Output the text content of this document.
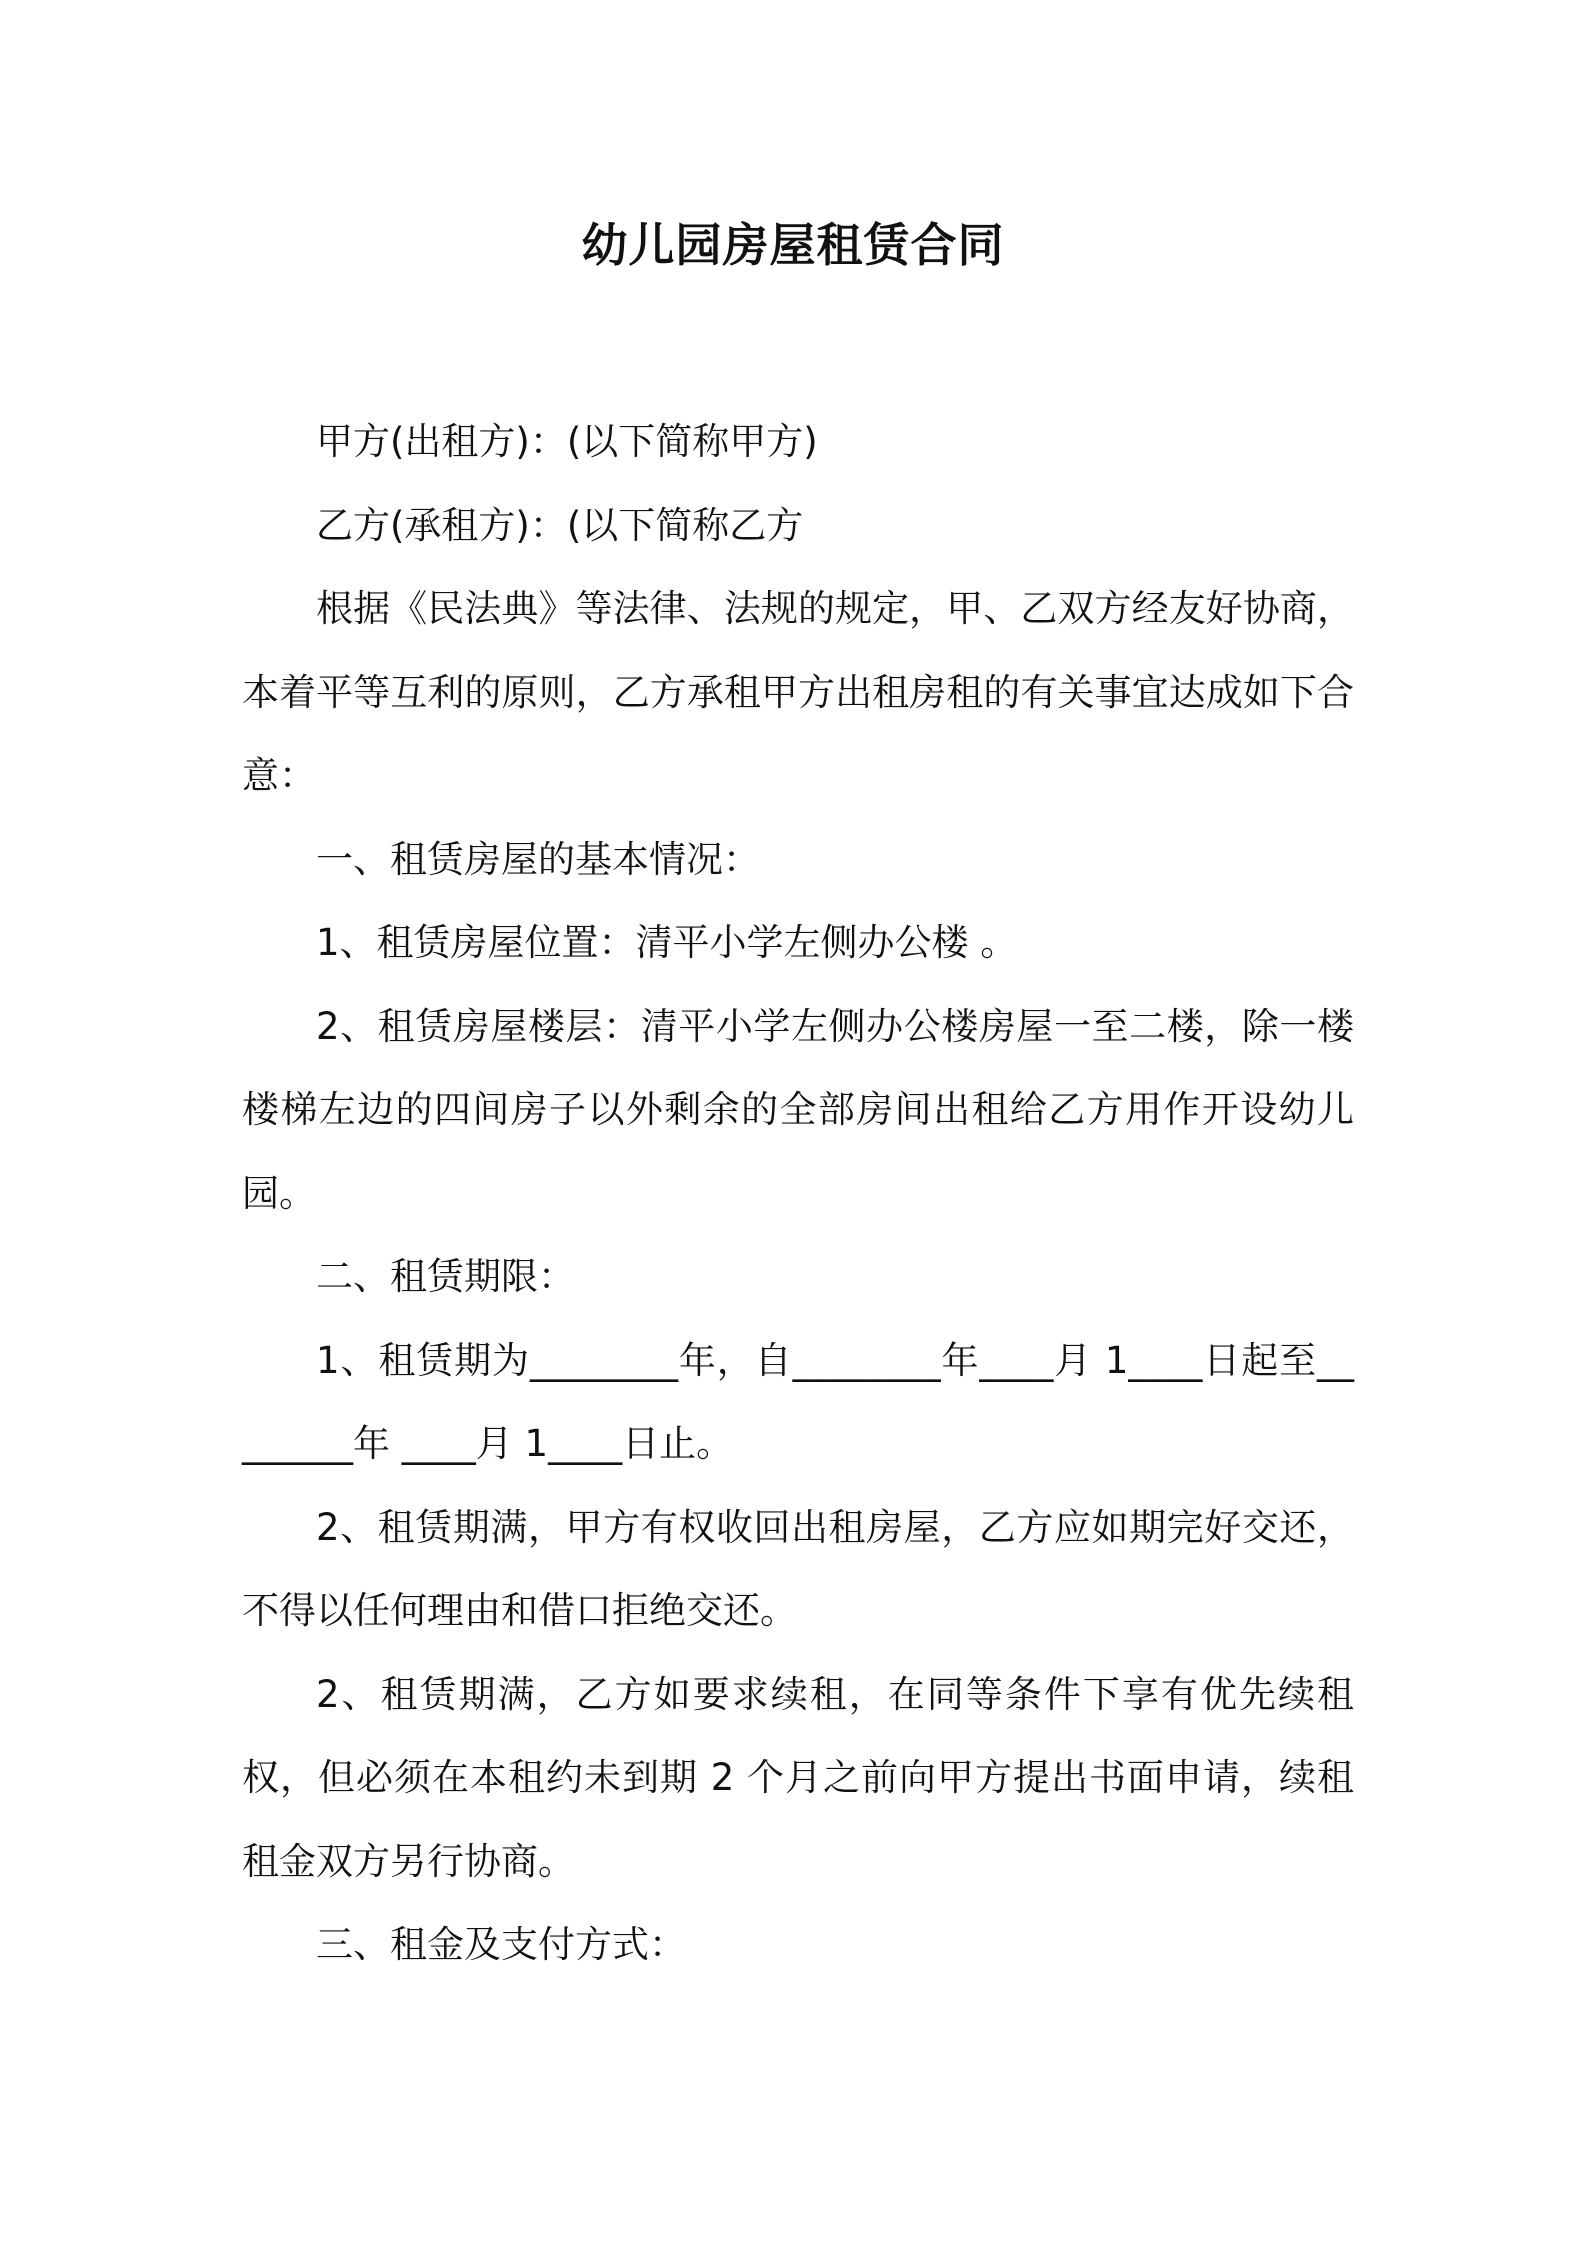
幼儿园房屋租赁合同

甲方(出租方)：(以下简称甲方)

乙方(承租方)：(以下简称乙方

根据《民法典》等法律、法规的规定，甲、乙双方经友好协商，本着平等互利的原则，乙方承租甲方出租房租的有关事宜达成如下合意：

一、租赁房屋的基本情况：

1、租赁房屋位置：清平小学左侧办公楼 。

2、租赁房屋楼层：清平小学左侧办公楼房屋一至二楼，除一楼楼梯左边的四间房子以外剩余的全部房间出租给乙方用作开设幼儿园。

二、租赁期限：

1、租赁期为________年，自________年____月 1____日起至________年 ____月 1____日止。

2、租赁期满，甲方有权收回出租房屋，乙方应如期完好交还，不得以任何理由和借口拒绝交还。

2、租赁期满，乙方如要求续租，在同等条件下享有优先续租权，但必须在本租约未到期 2 个月之前向甲方提出书面申请，续租租金双方另行协商。

三、租金及支付方式：
